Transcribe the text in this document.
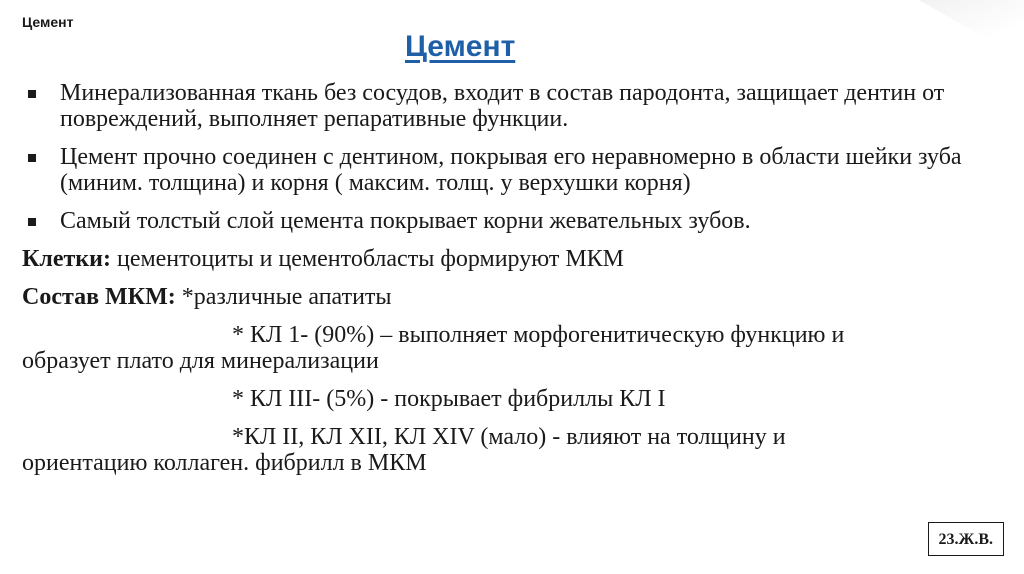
Цемент
Цемент
Минерализованная ткань без сосудов, входит в состав пародонта, защищает дентин от повреждений, выполняет репаративные функции.
Цемент прочно соединен с дентином, покрывая его неравномерно в области шейки зуба (миним. толщина) и корня ( максим. толщ. у верхушки корня)
Самый толстый слой цемента покрывает корни жевательных зубов.

Клетки: цементоциты и цементобласты формируют МКМ

Состав МКМ: *различные апатиты

* КЛ 1- (90%) – выполняет морфогенитическую функцию и

образует плато для минерализации

* КЛ III- (5%) - покрывает фибриллы КЛ I

*КЛ II, КЛ XII, КЛ XIV (мало) - влияют на толщину и

ориентацию коллаген. фибрилл в МКМ

23.Ж.В.
